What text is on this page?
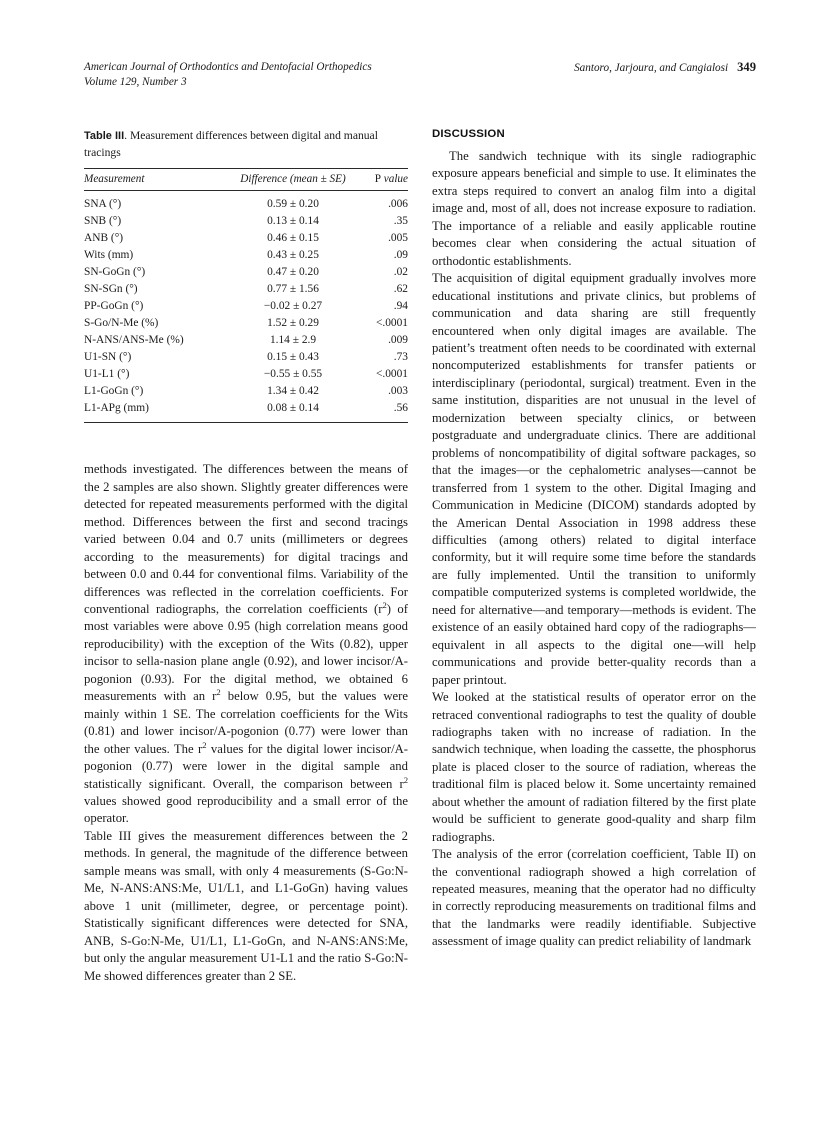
American Journal of Orthodontics and Dentofacial Orthopedics
Volume 129, Number 3
Santoro, Jarjoura, and Cangialosi 349
Table III. Measurement differences between digital and manual tracings
Measurement	Difference (mean ± SE)	P value
SNA (°)	0.59 ± 0.20	.006
SNB (°)	0.13 ± 0.14	.35
ANB (°)	0.46 ± 0.15	.005
Wits (mm)	0.43 ± 0.25	.09
SN-GoGn (°)	0.47 ± 0.20	.02
SN-SGn (°)	0.77 ± 1.56	.62
PP-GoGn (°)	−0.02 ± 0.27	.94
S-Go/N-Me (%)	1.52 ± 0.29	<.0001
N-ANS/ANS-Me (%)	1.14 ± 2.9	.009
U1-SN (°)	0.15 ± 0.43	.73
U1-L1 (°)	−0.55 ± 0.55	<.0001
L1-GoGn (°)	1.34 ± 0.42	.003
L1-APg (mm)	0.08 ± 0.14	.56

methods investigated. The differences between the means of the 2 samples are also shown. Slightly greater differences were detected for repeated measurements performed with the digital method. Differences between the first and second tracings varied between 0.04 and 0.7 units (millimeters or degrees according to the measurements) for digital tracings and between 0.0 and 0.44 for conventional films. Variability of the differences was reflected in the correlation coefficients. For conventional radiographs, the correlation coefficients $(r^2)$ of most variables were above 0.95 (high correlation means good reproducibility) with the exception of the Wits (0.82), upper incisor to sella-nasion plane angle (0.92), and lower incisor/A-pogonion (0.93). For the digital method, we obtained 6 measurements with an $r^2$ below 0.95, but the values were mainly within 1 SE. The correlation coefficients for the Wits (0.81) and lower incisor/A-pogonion (0.77) were lower than the other values. The $r^2$ values for the digital lower incisor/A-pogonion (0.77) were lower in the digital sample and statistically significant. Overall, the comparison between $r^2$ values showed good reproducibility and a small error of the operator.

Table III gives the measurement differences between the 2 methods. In general, the magnitude of the difference between sample means was small, with only 4 measurements (S-Go:N-Me, N-ANS:ANS:Me, U1/L1, and L1-GoGn) having values above 1 unit (millimeter, degree, or percentage point). Statistically significant differences were detected for SNA, ANB, S-Go:N-Me, U1/L1, L1-GoGn, and N-ANS:ANS:Me, but only the angular measurement U1-L1 and the ratio S-Go:N-Me showed differences greater than 2 SE.

DISCUSSION

The sandwich technique with its single radiographic exposure appears beneficial and simple to use. It eliminates the extra steps required to convert an analog film into a digital image and, most of all, does not increase exposure to radiation. The importance of a reliable and easily applicable routine becomes clear when considering the actual situation of orthodontic establishments.

The acquisition of digital equipment gradually involves more educational institutions and private clinics, but problems of communication and data sharing are still frequently encountered when only digital images are available. The patient’s treatment often needs to be coordinated with external noncomputerized establishments for transfer patients or interdisciplinary (periodontal, surgical) treatment. Even in the same institution, disparities are not unusual in the level of modernization between specialty clinics, or between postgraduate and undergraduate clinics. There are additional problems of noncompatibility of digital software packages, so that the images—or the cephalometric analyses—cannot be transferred from 1 system to the other. Digital Imaging and Communication in Medicine (DICOM) standards adopted by the American Dental Association in 1998 address these difficulties (among others) related to digital interface conformity, but it will require some time before the standards are fully implemented. Until the transition to uniformly compatible computerized systems is completed worldwide, the need for alternative—and temporary—methods is evident. The existence of an easily obtained hard copy of the radiographs—equivalent in all aspects to the digital one—will help communications and provide better-quality records than a paper printout.

We looked at the statistical results of operator error on the retraced conventional radiographs to test the quality of double radiographs taken with no increase of radiation. In the sandwich technique, when loading the cassette, the phosphorus plate is placed closer to the source of radiation, whereas the traditional film is placed below it. Some uncertainty remained about whether the amount of radiation filtered by the first plate would be sufficient to generate good-quality and sharp film radiographs.

The analysis of the error (correlation coefficient, Table II) on the conventional radiograph showed a high correlation of repeated measures, meaning that the operator had no difficulty in correctly reproducing measurements on traditional films and that the landmarks were readily identifiable. Subjective assessment of image quality can predict reliability of landmark
